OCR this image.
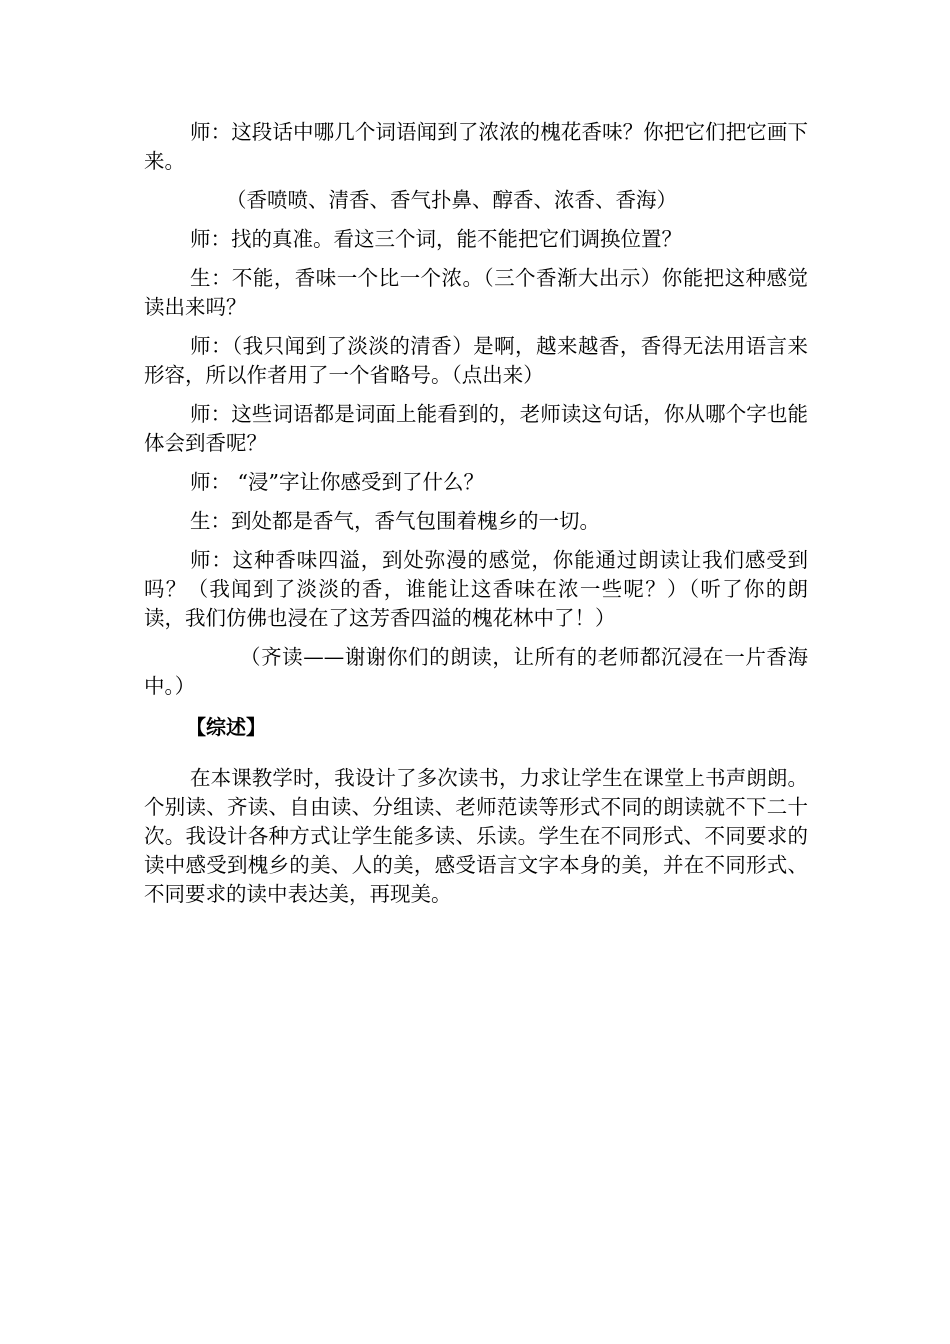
师：这段话中哪几个词语闻到了浓浓的槐花香味？你把它们把它画下来。

（香喷喷、清香、香气扑鼻、醇香、浓香、香海）

师：找的真准。看这三个词，能不能把它们调换位置？

生：不能，香味一个比一个浓。（三个香渐大出示）你能把这种感觉读出来吗？

师：（我只闻到了淡淡的清香）是啊，越来越香，香得无法用语言来形容，所以作者用了一个省略号。（点出来）

师：这些词语都是词面上能看到的，老师读这句话，你从哪个字也能体会到香呢？

师： “浸”字让你感受到了什么？

生：到处都是香气，香气包围着槐乡的一切。

师：这种香味四溢，到处弥漫的感觉，你能通过朗读让我们感受到吗？（我闻到了淡淡的香，谁能让这香味在浓一些呢？）（听了你的朗读，我们仿佛也浸在了这芳香四溢的槐花林中了！）

（齐读——谢谢你们的朗读，让所有的老师都沉浸在一片香海中。）

【综述】

在本课教学时，我设计了多次读书，力求让学生在课堂上书声朗朗。个别读、齐读、自由读、分组读、老师范读等形式不同的朗读就不下二十次。我设计各种方式让学生能多读、乐读。学生在不同形式、不同要求的读中感受到槐乡的美、人的美，感受语言文字本身的美，并在不同形式、不同要求的读中表达美，再现美。
